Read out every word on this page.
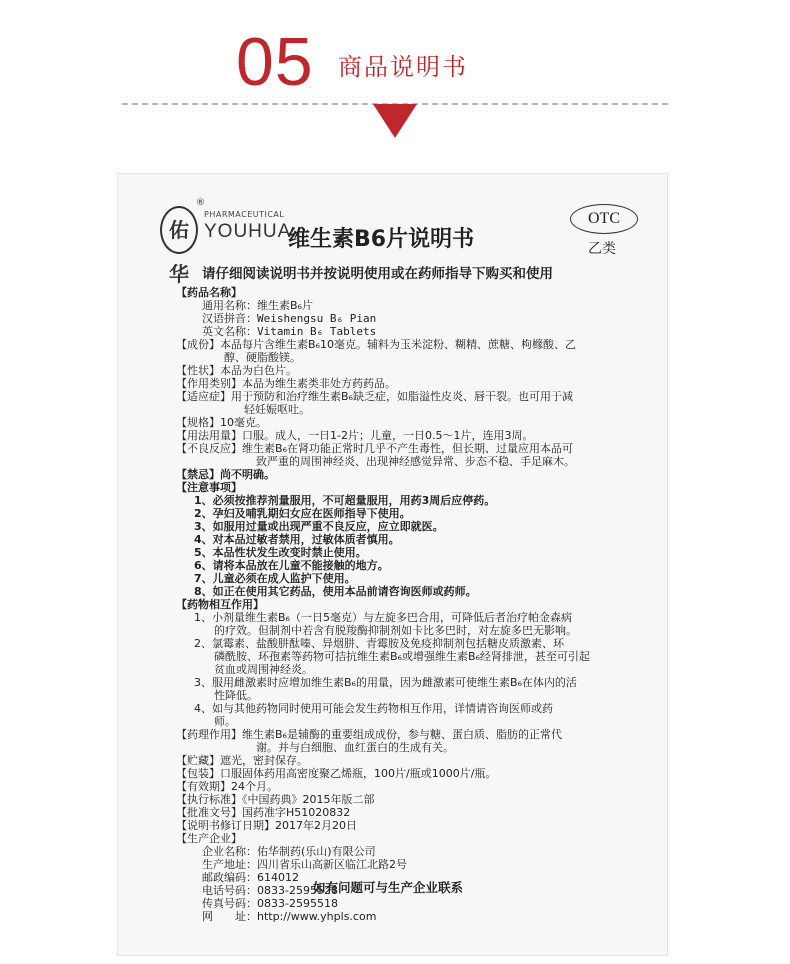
05 商品说明书
佑华
®
PHARMACEUTICAL
YOUHUA
维生素B6片说明书
OTC
乙类
请仔细阅读说明书并按说明使用或在药师指导下购买和使用
【药品名称】
通用名称：维生素B₆片
汉语拼音：Weishengsu B₆ Pian
英文名称：Vitamin B₆ Tablets
【成份】本品每片含维生素B₆10毫克。辅料为玉米淀粉、糊精、蔗糖、枸橼酸、乙
醇、硬脂酸镁。
【性状】本品为白色片。
【作用类别】本品为维生素类非处方药药品。
【适应症】用于预防和治疗维生素B₆缺乏症，如脂溢性皮炎、唇干裂。也可用于减
轻妊娠呕吐。
【规格】10毫克。
【用法用量】口服。成人，一日1-2片；儿童，一日0.5～1片，连用3周。
【不良反应】维生素B₆在肾功能正常时几乎不产生毒性，但长期、过量应用本品可
致严重的周围神经炎、出现神经感觉异常、步态不稳、手足麻木。
【禁忌】尚不明确。
【注意事项】
1、必须按推荐剂量服用，不可超量服用，用药3周后应停药。
2、孕妇及哺乳期妇女应在医师指导下使用。
3、如服用过量或出现严重不良反应，应立即就医。
4、对本品过敏者禁用，过敏体质者慎用。
5、本品性状发生改变时禁止使用。
6、请将本品放在儿童不能接触的地方。
7、儿童必须在成人监护下使用。
8、如正在使用其它药品，使用本品前请咨询医师或药师。
【药物相互作用】
1、小剂量维生素B₆（一日5毫克）与左旋多巴合用，可降低后者治疗帕金森病
的疗效。但制剂中若含有脱羧酶抑制剂如卡比多巴时，对左旋多巴无影响。
2、氯霉素、盐酸肼酞嗪、异烟肼、青霉胺及免疫抑制剂包括糖皮质激素、环
磷酰胺、环孢素等药物可拮抗维生素B₆或增强维生素B₆经肾排泄，甚至可引起
贫血或周围神经炎。
3、服用雌激素时应增加维生素B₆的用量，因为雌激素可使维生素B₆在体内的活
性降低。
4、如与其他药物同时使用可能会发生药物相互作用，详情请咨询医师或药
师。
【药理作用】维生素B₆是辅酶的重要组成成份，参与糖、蛋白质、脂肪的正常代
谢。并与白细胞、血红蛋白的生成有关。
【贮藏】遮光，密封保存。
【包装】口服固体药用高密度聚乙烯瓶，100片/瓶或1000片/瓶。
【有效期】24个月。
【执行标准】《中国药典》2015年版二部
【批准文号】国药准字H51020832
【说明书修订日期】2017年2月20日
【生产企业】
企业名称：佑华制药(乐山)有限公司
生产地址：四川省乐山高新区临江北路2号
邮政编码：614012
电话号码：0833-2595528
传真号码：0833-2595518
网　　址：http://www.yhpls.com
如有问题可与生产企业联系
